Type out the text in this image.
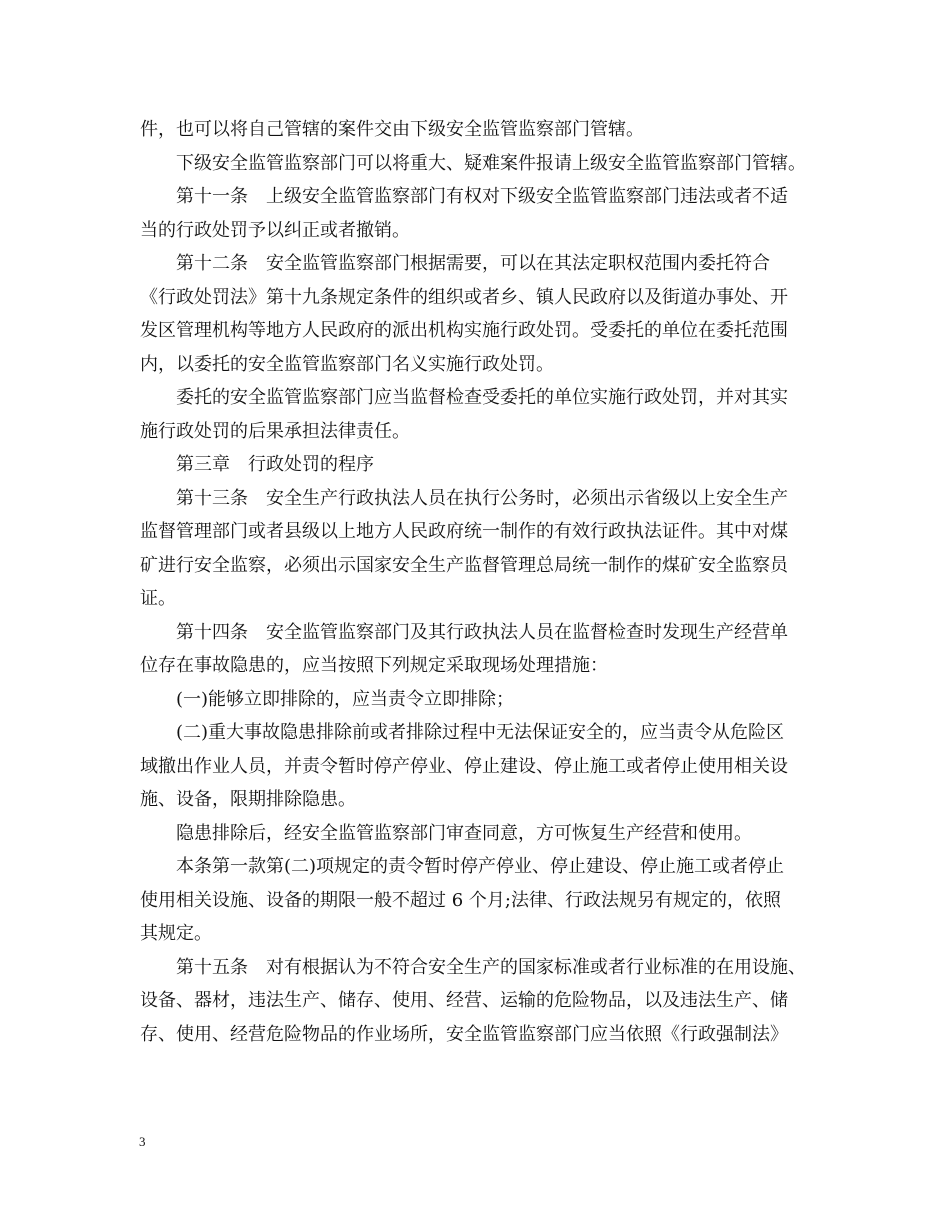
件，也可以将自己管辖的案件交由下级安全监管监察部门管辖。
　　下级安全监管监察部门可以将重大、疑难案件报请上级安全监管监察部门管辖。
　　第十一条　上级安全监管监察部门有权对下级安全监管监察部门违法或者不适
当的行政处罚予以纠正或者撤销。
　　第十二条　安全监管监察部门根据需要，可以在其法定职权范围内委托符合
《行政处罚法》第十九条规定条件的组织或者乡、镇人民政府以及街道办事处、开
发区管理机构等地方人民政府的派出机构实施行政处罚。受委托的单位在委托范围
内，以委托的安全监管监察部门名义实施行政处罚。
　　委托的安全监管监察部门应当监督检查受委托的单位实施行政处罚，并对其实
施行政处罚的后果承担法律责任。
　　第三章　行政处罚的程序
　　第十三条　安全生产行政执法人员在执行公务时，必须出示省级以上安全生产
监督管理部门或者县级以上地方人民政府统一制作的有效行政执法证件。其中对煤
矿进行安全监察，必须出示国家安全生产监督管理总局统一制作的煤矿安全监察员
证。
　　第十四条　安全监管监察部门及其行政执法人员在监督检查时发现生产经营单
位存在事故隐患的，应当按照下列规定采取现场处理措施：
　　(一)能够立即排除的，应当责令立即排除；
　　(二)重大事故隐患排除前或者排除过程中无法保证安全的，应当责令从危险区
域撤出作业人员，并责令暂时停产停业、停止建设、停止施工或者停止使用相关设
施、设备，限期排除隐患。
　　隐患排除后，经安全监管监察部门审查同意，方可恢复生产经营和使用。
　　本条第一款第(二)项规定的责令暂时停产停业、停止建设、停止施工或者停止
使用相关设施、设备的期限一般不超过 6 个月;法律、行政法规另有规定的，依照
其规定。
　　第十五条　对有根据认为不符合安全生产的国家标准或者行业标准的在用设施、
设备、器材，违法生产、储存、使用、经营、运输的危险物品，以及违法生产、储
存、使用、经营危险物品的作业场所，安全监管监察部门应当依照《行政强制法》
3
